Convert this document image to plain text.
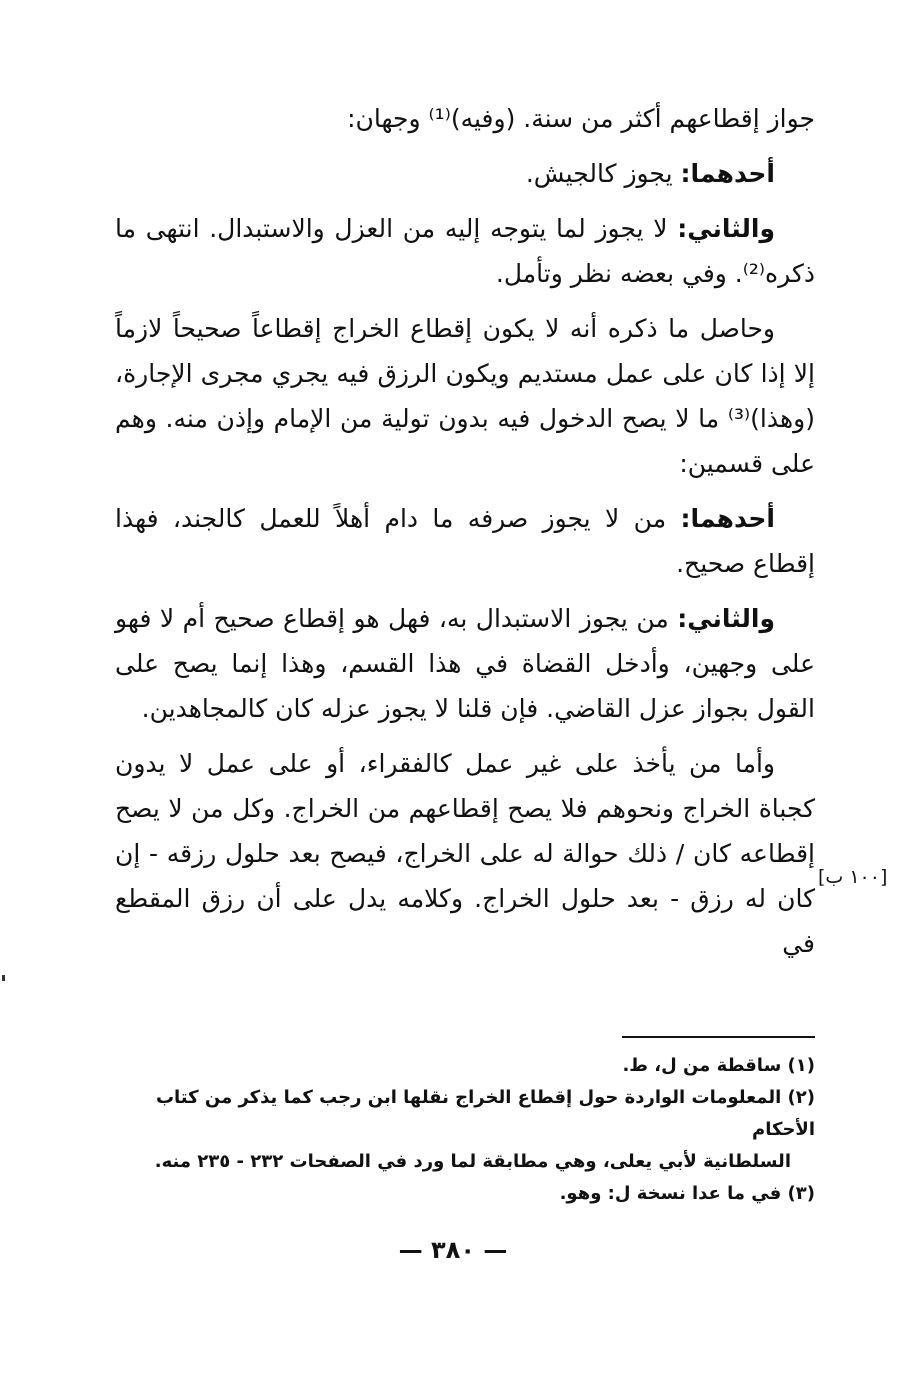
جواز إقطاعهم أكثر من سنة. (وفيه)⁽¹⁾ وجهان:

أحدهما: يجوز كالجيش.

والثاني: لا يجوز لما يتوجه إليه من العزل والاستبدال. انتهى ما ذكره⁽²⁾. وفي بعضه نظر وتأمل.

وحاصل ما ذكره أنه لا يكون إقطاع الخراج إقطاعاً صحيحاً لازماً إلا إذا كان على عمل مستديم ويكون الرزق فيه يجري مجرى الإجارة، (وهذا)⁽³⁾ ما لا يصح الدخول فيه بدون تولية من الإمام وإذن منه. وهم على قسمين:

أحدهما: من لا يجوز صرفه ما دام أهلاً للعمل كالجند، فهذا إقطاع صحيح.

والثاني: من يجوز الاستبدال به، فهل هو إقطاع صحيح أم لا فهو على وجهين، وأدخل القضاة في هذا القسم، وهذا إنما يصح على القول بجواز عزل القاضي. فإن قلنا لا يجوز عزله كان كالمجاهدين.

وأما من يأخذ على غير عمل كالفقراء، أو على عمل لا يدون كجباة الخراج ونحوهم فلا يصح إقطاعهم من الخراج. وكل من لا يصح إقطاعه كان / ذلك حوالة له على الخراج، فيصح بعد حلول رزقه - إن كان له رزق - بعد حلول الخراج. وكلامه يدل على أن رزق المقطع في

[١٠٠ ب]

(١) ساقطة من ل، ط.

(٢) المعلومات الواردة حول إقطاع الخراج نقلها ابن رجب كما يذكر من كتاب الأحكام

السلطانية لأبي يعلى، وهي مطابقة لما ورد في الصفحات ٢٣٢ - ٢٣٥ منه.

(٣) في ما عدا نسخة ل: وهو.

— ٣٨٠ —
